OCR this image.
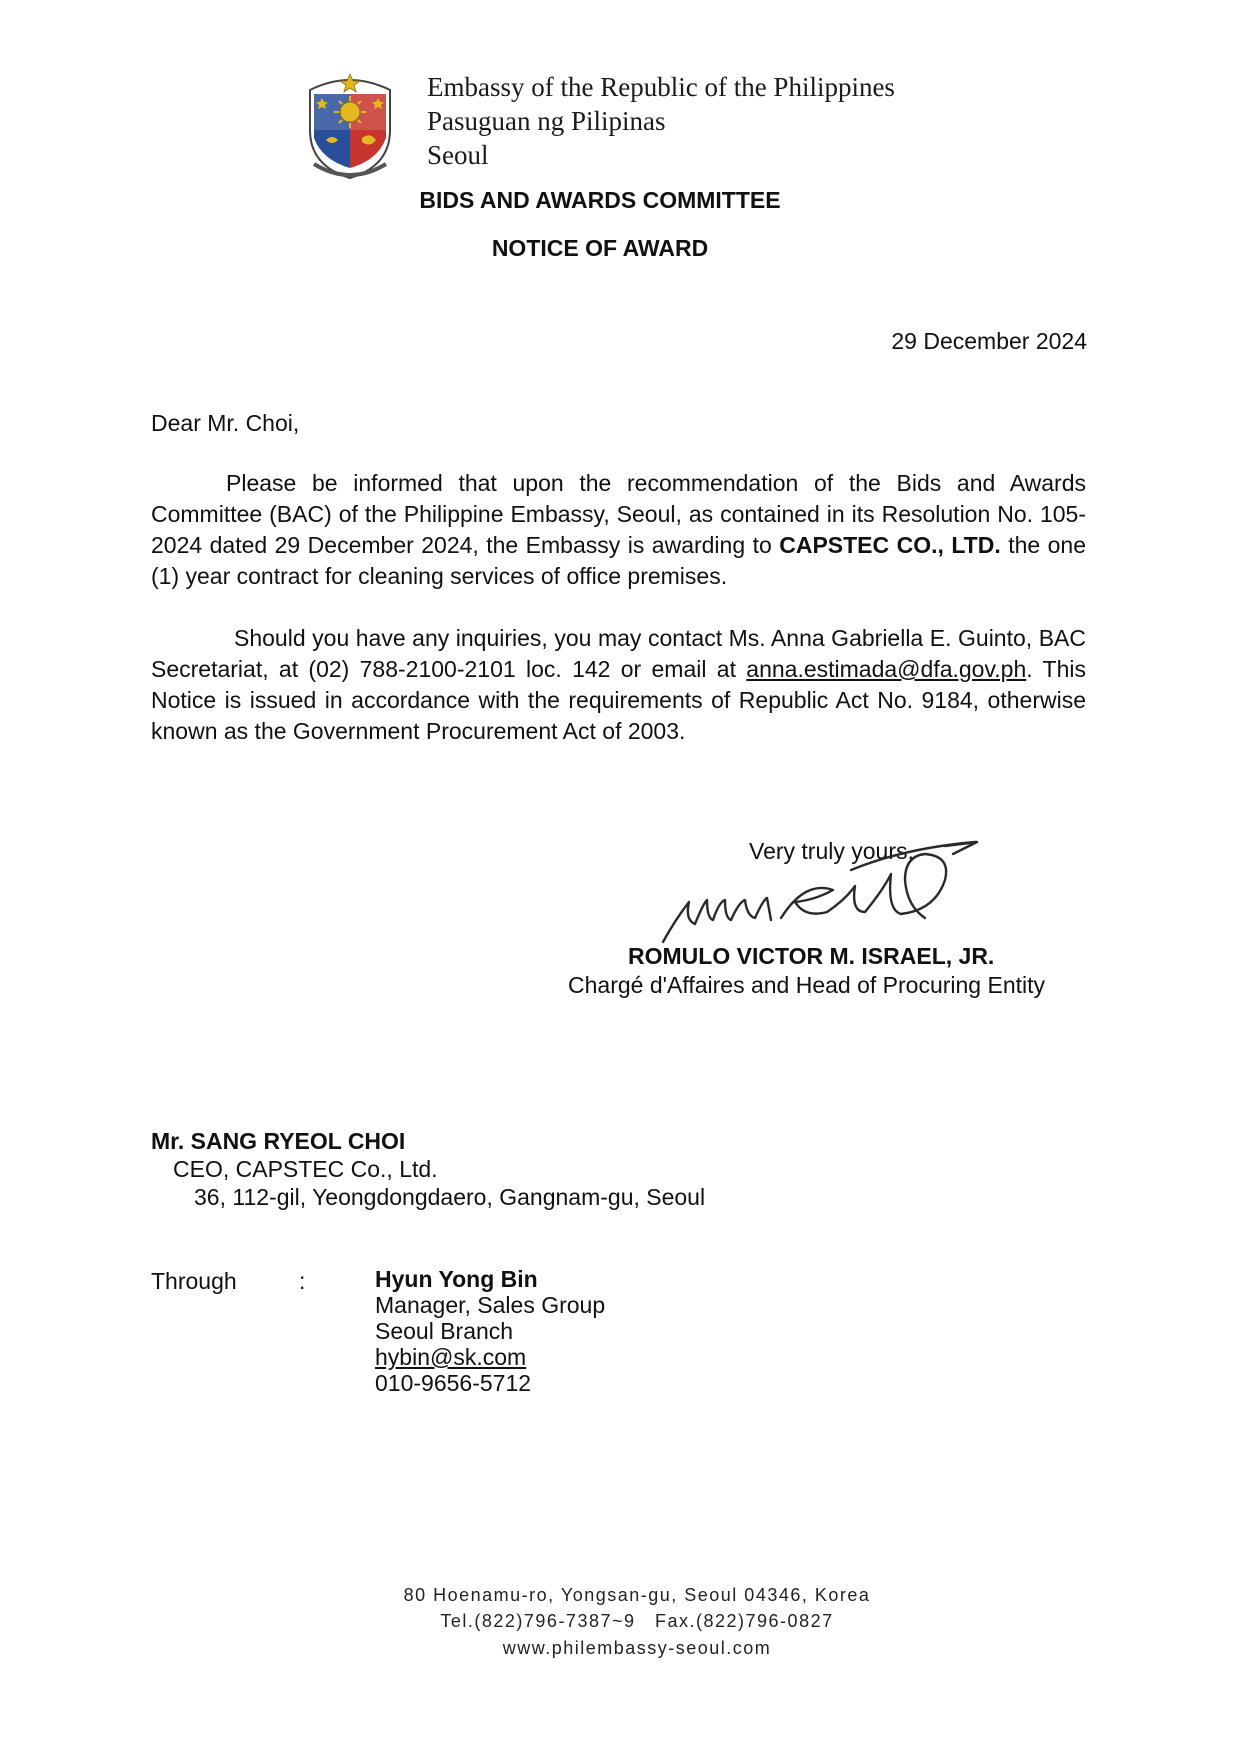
Embassy of the Republic of the Philippines
Pasuguan ng Pilipinas
Seoul
BIDS AND AWARDS COMMITTEE
NOTICE OF AWARD
29 December 2024
Dear Mr. Choi,
Please be informed that upon the recommendation of the Bids and Awards Committee (BAC) of the Philippine Embassy, Seoul, as contained in its Resolution No. 105-2024 dated 29 December 2024, the Embassy is awarding to CAPSTEC CO., LTD. the one (1) year contract for cleaning services of office premises.
Should you have any inquiries, you may contact Ms. Anna Gabriella E. Guinto, BAC Secretariat, at (02) 788-2100-2101 loc. 142 or email at anna.estimada@dfa.gov.ph. This Notice is issued in accordance with the requirements of Republic Act No. 9184, otherwise known as the Government Procurement Act of 2003.
Very truly yours,
ROMULO VICTOR M. ISRAEL, JR.
Chargé d'Affaires and Head of Procuring Entity
Mr. SANG RYEOL CHOI
CEO, CAPSTEC Co., Ltd.
36, 112-gil, Yeongdongdaero, Gangnam-gu, Seoul
Through	:	Hyun Yong Bin
Manager, Sales Group
Seoul Branch
hybin@sk.com
010-9656-5712
80 Hoenamu-ro, Yongsan-gu, Seoul 04346, Korea
Tel.(822)796-7387~9   Fax.(822)796-0827
www.philembassy-seoul.com
